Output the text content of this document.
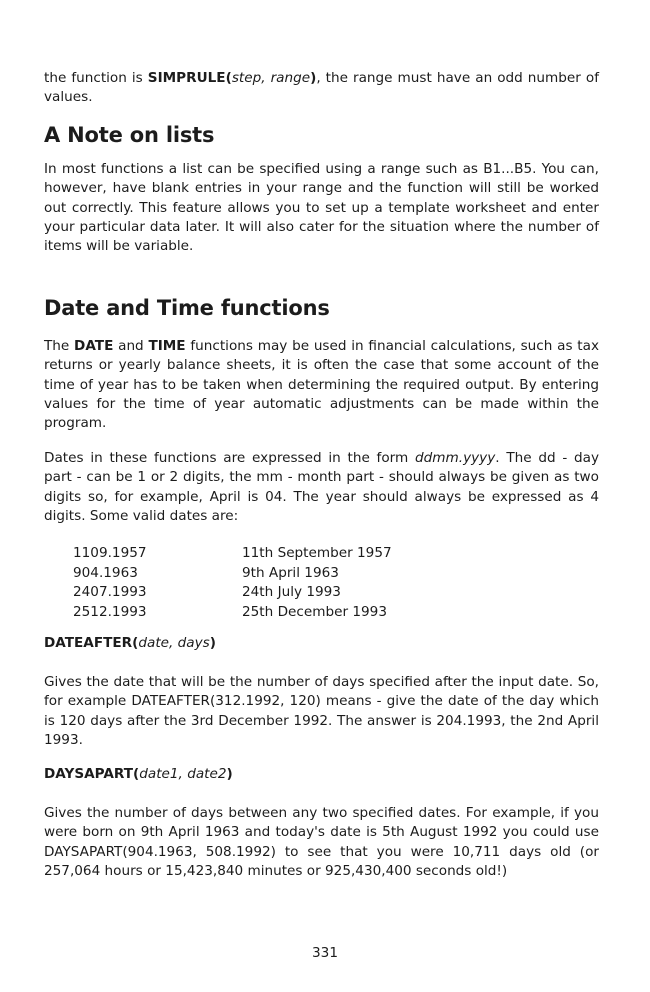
the function is SIMPRULE(step, range), the range must have an odd number of values.

A Note on lists

In most functions a list can be specified using a range such as B1...B5. You can, however, have blank entries in your range and the function will still be worked out correctly. This feature allows you to set up a template worksheet and enter your particular data later. It will also cater for the situation where the number of items will be variable.

Date and Time functions

The DATE and TIME functions may be used in financial calculations, such as tax returns or yearly balance sheets, it is often the case that some account of the time of year has to be taken when determining the required output. By entering values for the time of year automatic adjustments can be made within the program.

Dates in these functions are expressed in the form ddmm.yyyy. The dd - day part - can be 1 or 2 digits, the mm - month part - should always be given as two digits so, for example, April is 04. The year should always be expressed as 4 digits. Some valid dates are:

1109.1957	11th September 1957
904.1963	9th April 1963
2407.1993	24th July 1993
2512.1993	25th December 1993

DATEAFTER(date, days)

Gives the date that will be the number of days specified after the input date. So, for example DATEAFTER(312.1992, 120) means - give the date of the day which is 120 days after the 3rd December 1992. The answer is 204.1993, the 2nd April 1993.

DAYSAPART(date1, date2)

Gives the number of days between any two specified dates. For example, if you were born on 9th April 1963 and today's date is 5th August 1992 you could use DAYSAPART(904.1963, 508.1992) to see that you were 10,711 days old (or 257,064 hours or 15,423,840 minutes or 925,430,400 seconds old!)

331
